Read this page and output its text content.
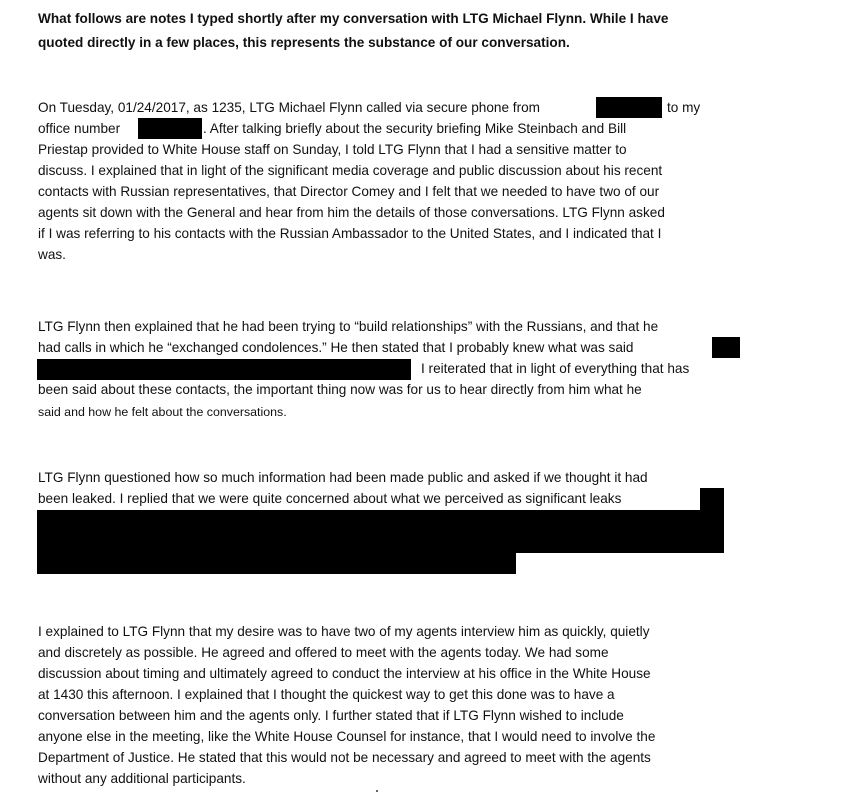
What follows are notes I typed shortly after my conversation with LTG Michael Flynn. While I have
quoted directly in a few places, this represents the substance of our conversation.
On Tuesday, 01/24/2017, as 1235, LTG Michael Flynn called via secure phone from	to my
office number	. After talking briefly about the security briefing Mike Steinbach and Bill
Priestap provided to White House staff on Sunday, I told LTG Flynn that I had a sensitive matter to
discuss. I explained that in light of the significant media coverage and public discussion about his recent
contacts with Russian representatives, that Director Comey and I felt that we needed to have two of our
agents sit down with the General and hear from him the details of those conversations. LTG Flynn asked
if I was referring to his contacts with the Russian Ambassador to the United States, and I indicated that I
was.
LTG Flynn then explained that he had been trying to “build relationships” with the Russians, and that he
had calls in which he “exchanged condolences.” He then stated that I probably knew what was said
I reiterated that in light of everything that has
been said about these contacts, the important thing now was for us to hear directly from him what he
said and how he felt about the conversations.
LTG Flynn questioned how so much information had been made public and asked if we thought it had
been leaked. I replied that we were quite concerned about what we perceived as significant leaks
I explained to LTG Flynn that my desire was to have two of my agents interview him as quickly, quietly
and discretely as possible. He agreed and offered to meet with the agents today. We had some
discussion about timing and ultimately agreed to conduct the interview at his office in the White House
at 1430 this afternoon. I explained that I thought the quickest way to get this done was to have a
conversation between him and the agents only. I further stated that if LTG Flynn wished to include
anyone else in the meeting, like the White House Counsel for instance, that I would need to involve the
Department of Justice. He stated that this would not be necessary and agreed to meet with the agents
without any additional participants.
